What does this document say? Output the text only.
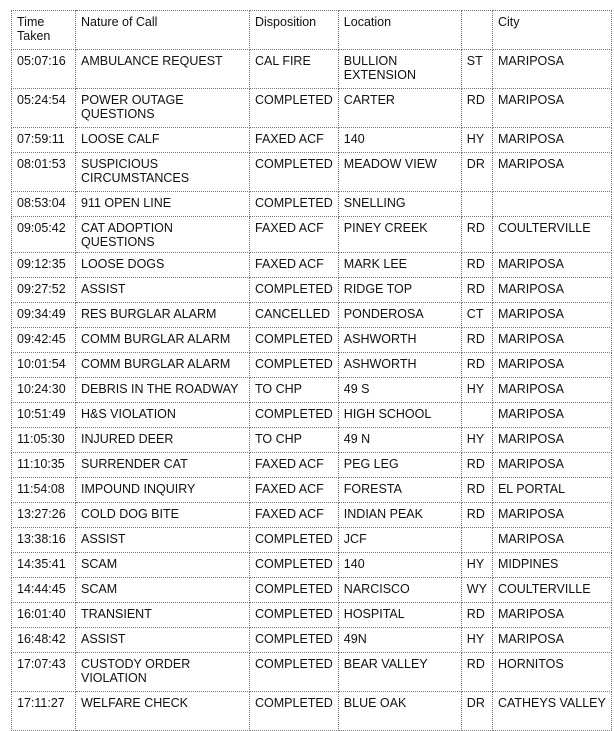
Time Taken	Nature of Call	Disposition	Location		City
05:07:16	AMBULANCE REQUEST	CAL FIRE	BULLION EXTENSION	ST	MARIPOSA
05:24:54	POWER OUTAGE QUESTIONS	COMPLETED	CARTER	RD	MARIPOSA
07:59:11	LOOSE CALF	FAXED ACF	140	HY	MARIPOSA
08:01:53	SUSPICIOUS CIRCUMSTANCES	COMPLETED	MEADOW VIEW	DR	MARIPOSA
08:53:04	911 OPEN LINE	COMPLETED	SNELLING		
09:05:42	CAT ADOPTION QUESTIONS	FAXED ACF	PINEY CREEK	RD	COULTERVILLE
09:12:35	LOOSE DOGS	FAXED ACF	MARK LEE	RD	MARIPOSA
09:27:52	ASSIST	COMPLETED	RIDGE TOP	RD	MARIPOSA
09:34:49	RES BURGLAR ALARM	CANCELLED	PONDEROSA	CT	MARIPOSA
09:42:45	COMM BURGLAR ALARM	COMPLETED	ASHWORTH	RD	MARIPOSA
10:01:54	COMM BURGLAR ALARM	COMPLETED	ASHWORTH	RD	MARIPOSA
10:24:30	DEBRIS IN THE ROADWAY	TO CHP	49 S	HY	MARIPOSA
10:51:49	H&S VIOLATION	COMPLETED	HIGH SCHOOL		MARIPOSA
11:05:30	INJURED DEER	TO CHP	49 N	HY	MARIPOSA
11:10:35	SURRENDER CAT	FAXED ACF	PEG LEG	RD	MARIPOSA
11:54:08	IMPOUND INQUIRY	FAXED ACF	FORESTA	RD	EL PORTAL
13:27:26	COLD DOG BITE	FAXED ACF	INDIAN PEAK	RD	MARIPOSA
13:38:16	ASSIST	COMPLETED	JCF		MARIPOSA
14:35:41	SCAM	COMPLETED	140	HY	MIDPINES
14:44:45	SCAM	COMPLETED	NARCISCO	WY	COULTERVILLE
16:01:40	TRANSIENT	COMPLETED	HOSPITAL	RD	MARIPOSA
16:48:42	ASSIST	COMPLETED	49N	HY	MARIPOSA
17:07:43	CUSTODY ORDER VIOLATION	COMPLETED	BEAR VALLEY	RD	HORNITOS
17:11:27	WELFARE CHECK	COMPLETED	BLUE OAK	DR	CATHEYS VALLEY
